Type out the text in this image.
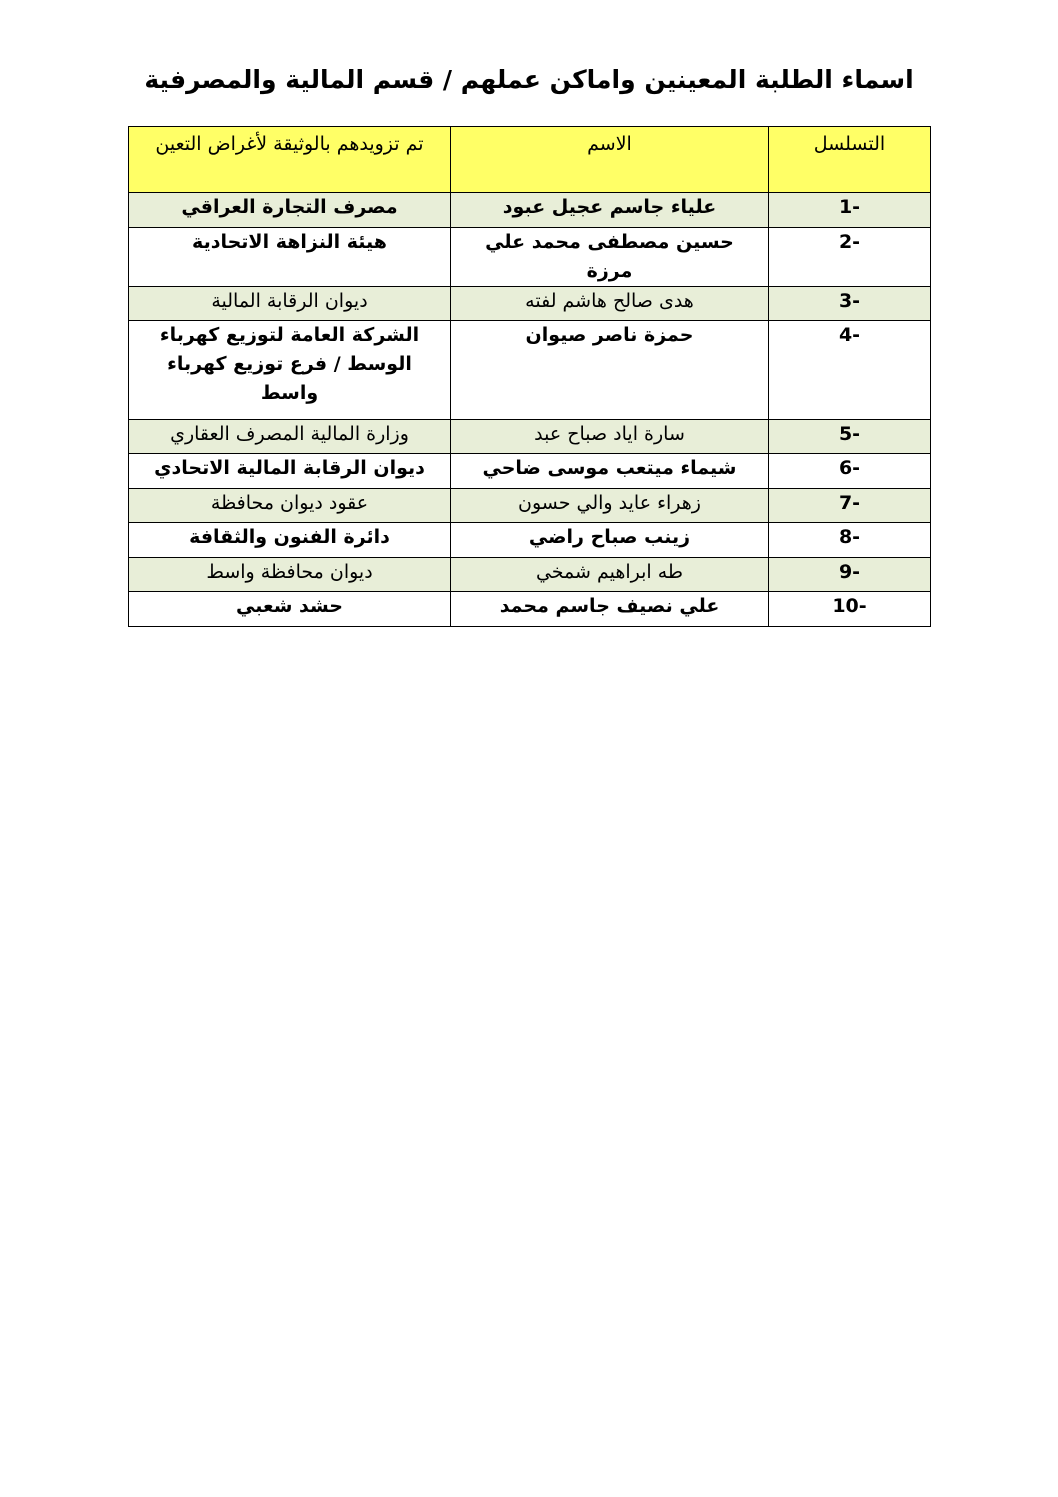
اسماء الطلبة المعينين واماكن عملهم / قسم المالية والمصرفية
التسلسل	الاسم	تم تزويدهم بالوثيقة لأغراض التعين
1-	علياء جاسم عجيل عبود	مصرف التجارة العراقي
2-	حسين مصطفى محمد علي مرزة	هيئة النزاهة الاتحادية
3-	هدى صالح هاشم لفته	ديوان الرقابة المالية
4-	حمزة ناصر صيوان	الشركة العامة لتوزيع كهرباء الوسط / فرع توزيع كهرباء واسط
5-	سارة اياد صباح عبد	وزارة المالية المصرف العقاري
6-	شيماء ميتعب موسى ضاحي	ديوان الرقابة المالية الاتحادي
7-	زهراء عايد والي حسون	عقود ديوان محافظة
8-	زينب صباح راضي	دائرة الفنون والثقافة
9-	طه ابراهيم شمخي	ديوان محافظة واسط
10-	علي نصيف جاسم محمد	حشد شعبي
